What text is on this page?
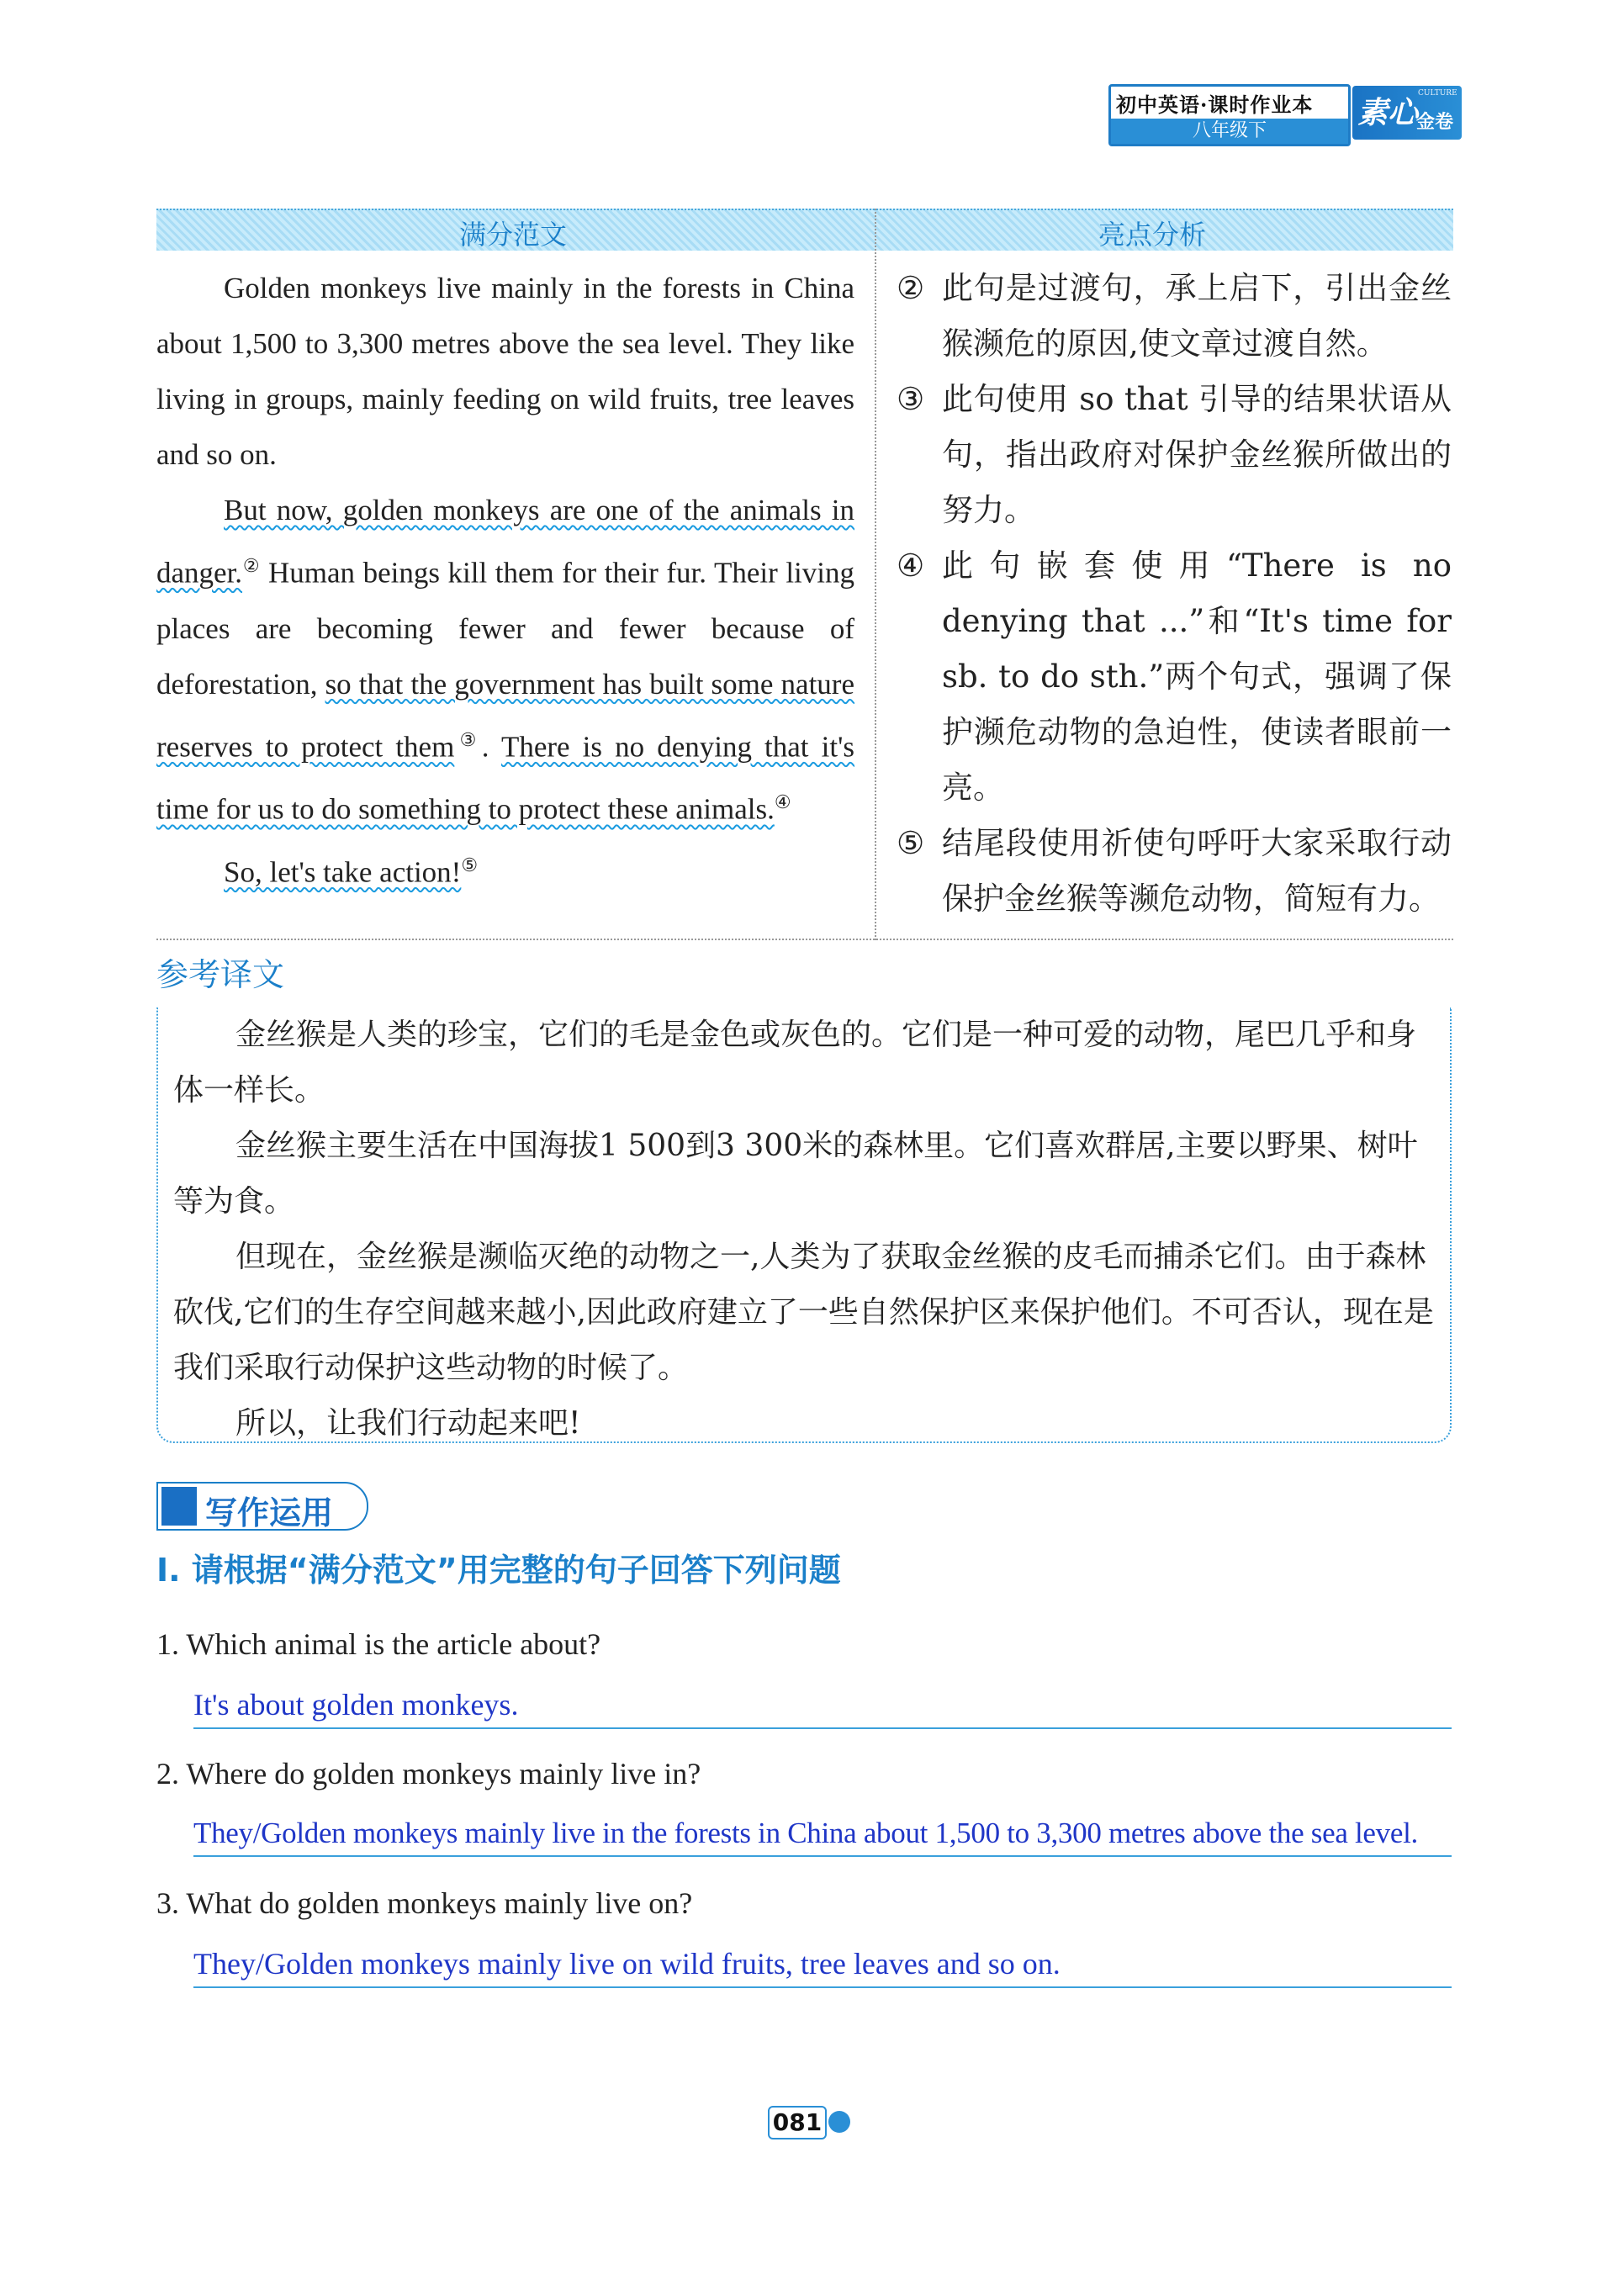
初中英语·课时作业本
八年级下
素心
CULTURE
金卷
满分范文	亮点分析

Golden monkeys live mainly in the forests in China about 1,500 to 3,300 metres above the sea level. They like living in groups, mainly feeding on wild fruits, tree leaves and so on.

But now, golden monkeys are one of the animals in danger.② Human beings kill them for their fur. Their living places are becoming fewer and fewer because of deforestation, so that the government has built some nature reserves to protect them③. There is no denying that it's time for us to do something to protect these animals.④

So, let's take action!⑤

② 此句是过渡句，承上启下，引出金丝猴濒危的原因,使文章过渡自然。
③ 此句使用 so that 引导的结果状语从句，指出政府对保护金丝猴所做出的努力。
④ 此句嵌套使用“There is no denying that ...”和“It's time for sb. to do sth.”两个句式，强调了保护濒危动物的急迫性，使读者眼前一亮。
⑤ 结尾段使用祈使句呼吁大家采取行动保护金丝猴等濒危动物，简短有力。
参考译文

金丝猴是人类的珍宝，它们的毛是金色或灰色的。它们是一种可爱的动物，尾巴几乎和身体一样长。

金丝猴主要生活在中国海拔1 500到3 300米的森林里。它们喜欢群居,主要以野果、树叶等为食。

但现在，金丝猴是濒临灭绝的动物之一,人类为了获取金丝猴的皮毛而捕杀它们。由于森林砍伐,它们的生存空间越来越小,因此政府建立了一些自然保护区来保护他们。不可否认，现在是我们采取行动保护这些动物的时候了。

所以，让我们行动起来吧!

写作运用
I. 请根据“满分范文”用完整的句子回答下列问题
1. Which animal is the article about?
It's about golden monkeys.
2. Where do golden monkeys mainly live in?
They/Golden monkeys mainly live in the forests in China about 1,500 to 3,300 metres above the sea level.
3. What do golden monkeys mainly live on?
They/Golden monkeys mainly live on wild fruits, tree leaves and so on.
081
